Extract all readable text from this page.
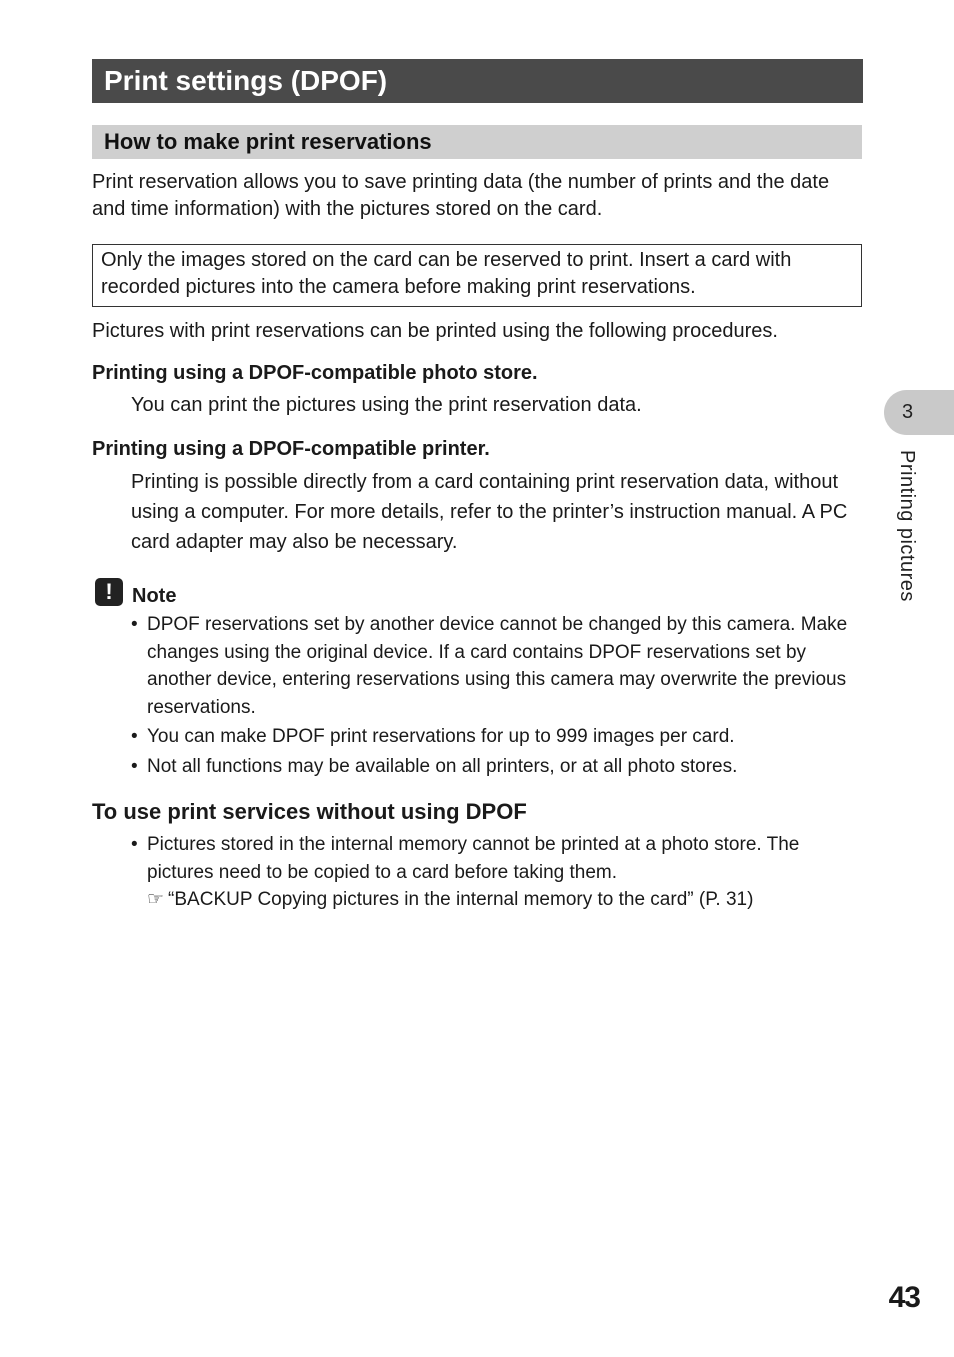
Print settings (DPOF)
How to make print reservations
Print reservation allows you to save printing data (the number of prints and the date and time information) with the pictures stored on the card.
Only the images stored on the card can be reserved to print. Insert a card with recorded pictures into the camera before making print reservations.
Pictures with print reservations can be printed using the following procedures.
Printing using a DPOF-compatible photo store.
You can print the pictures using the print reservation data.
Printing using a DPOF-compatible printer.
Printing is possible directly from a card containing print reservation data, without using a computer. For more details, refer to the printer’s instruction manual. A PC card adapter may also be necessary.
! Note
• DPOF reservations set by another device cannot be changed by this camera. Make changes using the original device. If a card contains DPOF reservations set by another device, entering reservations using this camera may overwrite the previous reservations.
• You can make DPOF print reservations for up to 999 images per card.
• Not all functions may be available on all printers, or at all photo stores.
To use print services without using DPOF
• Pictures stored in the internal memory cannot be printed at a photo store. The pictures need to be copied to a card before taking them.
☞ “BACKUP Copying pictures in the internal memory to the card” (P. 31)
3
Printing pictures
43
